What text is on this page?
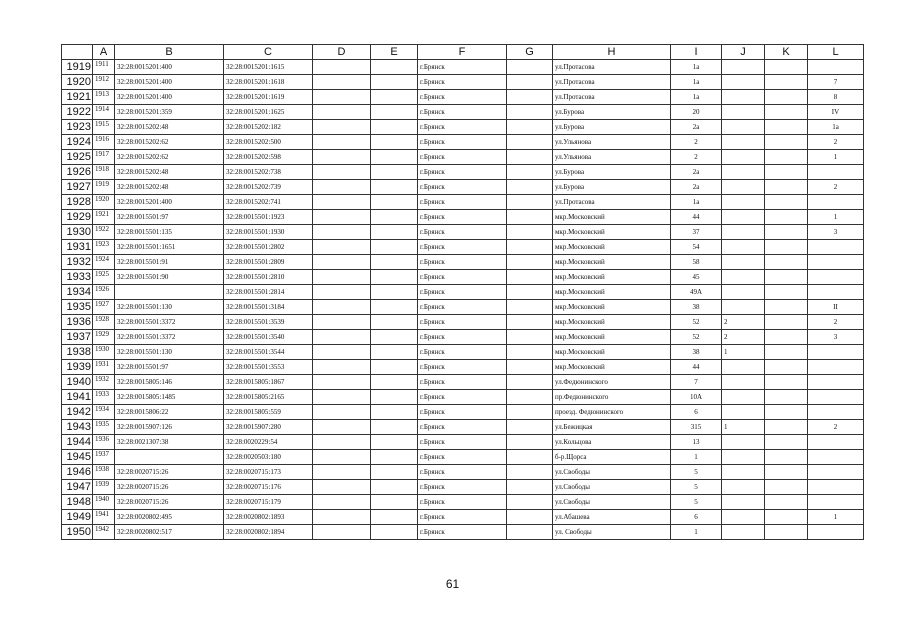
	A	B	C	D	E	F	G	H	I	J	K	L
1919	1911	32:28:0015201:400	32:28:0015201:1615			г.Брянск		ул.Протасова	1а			
1920	1912	32:28:0015201:400	32:28:0015201:1618			г.Брянск		ул.Протасова	1а			7
1921	1913	32:28:0015201:400	32:28:0015201:1619			г.Брянск		ул.Протасова	1а			8
1922	1914	32:28:0015201:359	32:28:0015201:1625			г.Брянск		ул.Бурова	20			IV
1923	1915	32:28:0015202:48	32:28:0015202:182			г.Брянск		ул.Бурова	2а			1а
1924	1916	32:28:0015202:62	32:28:0015202:500			г.Брянск		ул.Ульянова	2			2
1925	1917	32:28:0015202:62	32:28:0015202:598			г.Брянск		ул.Ульянова	2			1
1926	1918	32:28:0015202:48	32:28:0015202:738			г.Брянск		ул.Бурова	2а			
1927	1919	32:28:0015202:48	32:28:0015202:739			г.Брянск		ул.Бурова	2а			2
1928	1920	32:28:0015201:400	32:28:0015202:741			г.Брянск		ул.Протасова	1а			
1929	1921	32:28:0015501:97	32:28:0015501:1923			г.Брянск		мкр.Московский	44			1
1930	1922	32:28:0015501:135	32:28:0015501:1930			г.Брянск		мкр.Московский	37			3
1931	1923	32:28:0015501:1651	32:28:0015501:2802			г.Брянск		мкр.Московский	54			
1932	1924	32:28:0015501:91	32:28:0015501:2809			г.Брянск		мкр.Московский	58			
1933	1925	32:28:0015501:90	32:28:0015501:2810			г.Брянск		мкр.Московский	45			
1934	1926		32:28:0015501:2814			г.Брянск		мкр.Московский	49А			
1935	1927	32:28:0015501:130	32:28:0015501:3184			г.Брянск		мкр.Московский	38			II
1936	1928	32:28:0015501:3372	32:28:0015501:3539			г.Брянск		мкр.Московский	52	2		2
1937	1929	32:28:0015501:3372	32:28:0015501:3540			г.Брянск		мкр.Московский	52	2		3
1938	1930	32:28:0015501:130	32:28:0015501:3544			г.Брянск		мкр.Московский	38	1		
1939	1931	32:28:0015501:97	32:28:0015501:3553			г.Брянск		мкр.Московский	44			
1940	1932	32:28:0015805:146	32:28:0015805:1867			г.Брянск		ул.Федюнинского	7			
1941	1933	32:28:0015805:1485	32:28:0015805:2165			г.Брянск		пр.Федюнинского	10А			
1942	1934	32:28:0015806:22	32:28:0015805:559			г.Брянск		проезд. Федюнинского	6			
1943	1935	32:28:0015907:126	32:28:0015907:280			г.Брянск		ул.Бежицкая	315	1		2
1944	1936	32:28:0021307:38	32:28:0020229:54			г.Брянск		ул.Кольцова	13			
1945	1937		32:28:0020503:180			г.Брянск		б-р.Щорса	1			
1946	1938	32:28:0020715:26	32:28:0020715:173			г.Брянск		ул.Свободы	5			
1947	1939	32:28:0020715:26	32:28:0020715:176			г.Брянск		ул.Свободы	5			
1948	1940	32:28:0020715:26	32:28:0020715:179			г.Брянск		ул.Свободы	5			
1949	1941	32:28:0020802:495	32:28:0020802:1893			г.Брянск		ул.Абашева	6			1
1950	1942	32:28:0020802:517	32:28:0020802:1894			г.Брянск		ул. Свободы	1			
61
